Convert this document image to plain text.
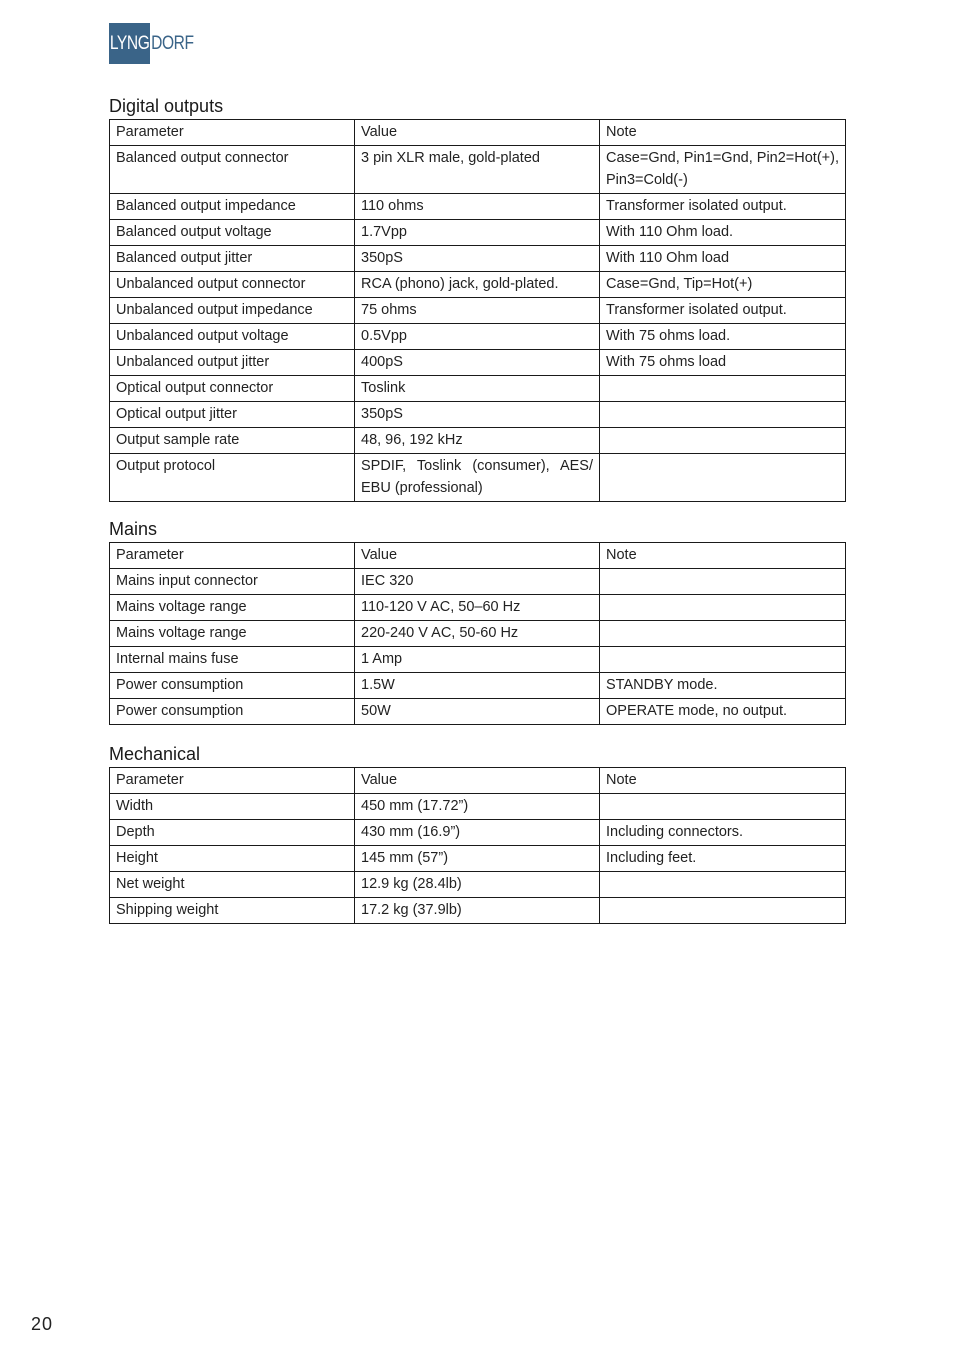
LYNG DORF
Digital outputs
Parameter	Value	Note
Balanced output connector	3 pin XLR male, gold-plated	Case=Gnd, Pin1=Gnd, Pin2=Hot(+), Pin3=Cold(-)
Balanced output impedance	110 ohms	Transformer isolated output.
Balanced output voltage	1.7Vpp	With 110 Ohm load.
Balanced output jitter	350pS	With 110 Ohm load
Unbalanced output connector	RCA (phono) jack, gold-plated.	Case=Gnd, Tip=Hot(+)
Unbalanced output impedance	75 ohms	Transformer isolated output.
Unbalanced output voltage	0.5Vpp	With 75 ohms load.
Unbalanced output jitter	400pS	With 75 ohms load
Optical output connector	Toslink	
Optical output jitter	350pS	
Output sample rate	48, 96, 192 kHz	
Output protocol	SPDIF, Toslink (consumer), AES/ EBU (professional)	
Mains
Parameter	Value	Note
Mains input connector	IEC 320	
Mains voltage range	110-120 V AC, 50–60 Hz	
Mains voltage range	220-240 V AC, 50-60 Hz	
Internal mains fuse	1 Amp	
Power consumption	1.5W	STANDBY mode.
Power consumption	50W	OPERATE mode, no output.
Mechanical
Parameter	Value	Note
Width	450 mm (17.72”)	
Depth	430 mm (16.9”)	Including connectors.
Height	145 mm (57”)	Including feet.
Net weight	12.9 kg (28.4lb)	
Shipping weight	17.2 kg (37.9lb)	
20
